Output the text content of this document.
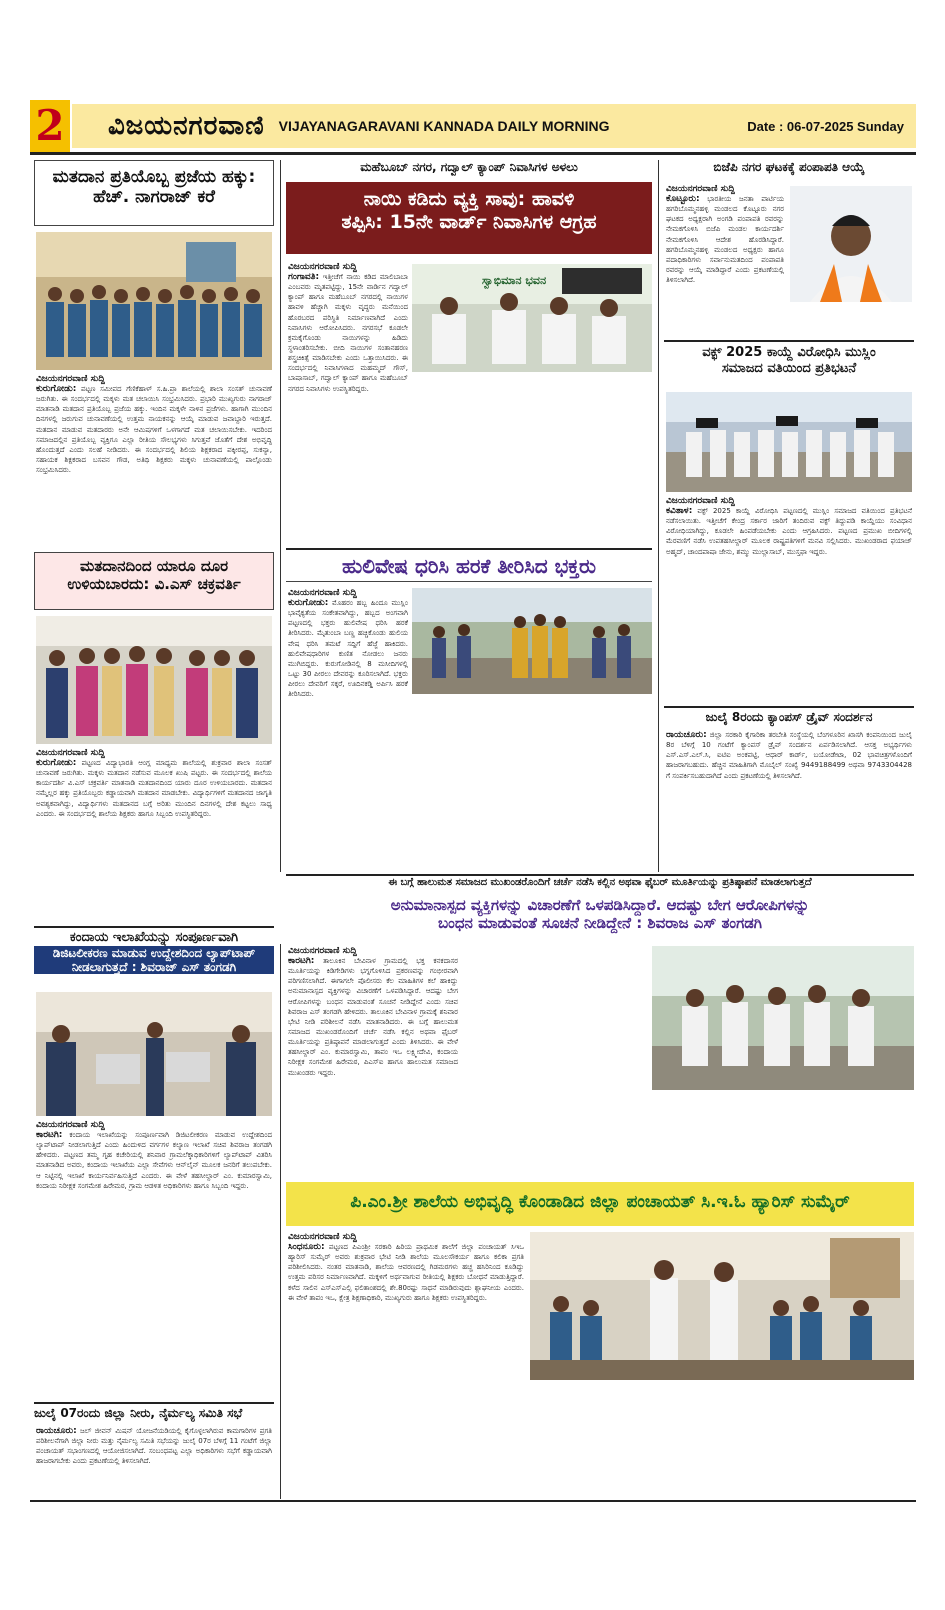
2 ವಿಜಯನಗರವಾಣಿ VIJAYANAGARAVANI KANNADA DAILY MORNING	Date : 06-07-2025 Sunday
ಮತದಾನ ಪ್ರತಿಯೊಬ್ಬ ಪ್ರಜೆಯ ಹಕ್ಕು: ಹೆಚ್. ನಾಗರಾಜ್ ಕರೆ
ವಿಜಯನಗರವಾಣಿ ಸುದ್ದಿ
ಕುರುಗೋಡು: ಪಟ್ಟಣ ಸಮೀಪದ ಗೆಣಿಕೆಹಾಳ್ ಸ.ಹಿ.ಪ್ರಾ ಶಾಲೆಯಲ್ಲಿ ಶಾಲಾ ಸಂಸತ್ ಚುನಾವಣೆ ಜರುಗಿತು. ಈ ಸಂದರ್ಭದಲ್ಲಿ ಮಕ್ಕಳು ಮತ ಚಲಾಯಿಸಿ ಸಂಭ್ರಮಿಸಿದರು. ಪ್ರಭಾರಿ ಮುಖ್ಯಗುರು ನಾಗರಾಜ್ ಮಾತನಾಡಿ ಮತದಾನ ಪ್ರತಿಯೊಬ್ಬ ಪ್ರಜೆಯ ಹಕ್ಕು. ಇಂದಿನ ಮಕ್ಕಳೇ ನಾಳಿನ ಪ್ರಜೆಗಳು. ಹಾಗಾಗಿ ಮುಂದಿನ ದಿನಗಳಲ್ಲಿ ಜರುಗುವ ಚುನಾವಣೆಯಲ್ಲಿ ಉತ್ತಮ ನಾಯಕನನ್ನು ಆಯ್ಕೆ ಮಾಡುವ ಜವಾಬ್ದಾರಿ ಇರುತ್ತದೆ. ಮತದಾನ ಮಾಡುವ ಮತದಾರರು ಅನೇ ಆಮಿಷಗಳಿಗೆ ಒಳಗಾಗದೆ ಮತ ಚಲಾಯಿಸಬೇಕು. ಇದರಿಂದ ಸಮಾಜದಲ್ಲಿನ ಪ್ರತಿಯೊಬ್ಬ ವ್ಯಕ್ತಿಗೂ ಎಲ್ಲಾ ರೀತಿಯ ಸೌಲಭ್ಯಗಳು ಸಿಗುತ್ತವೆ ಜೊತೆಗೆ ದೇಶ ಅಭಿವೃದ್ಧಿ ಹೊಂದುತ್ತದೆ ಎಂದು ಸಲಹೆ ನೀಡಿದರು. ಈ ಸಂದರ್ಭದಲ್ಲಿ ಶಿಲಿಯ ಶಿಕ್ಷಕರಾದ ಪಕ್ಕೀರಪ್ಪ, ಸುಕನ್ಯಾ, ಸಹಾಯಕ ಶಿಕ್ಷಕರಾದ ಬಸವನ ಗೌಡ, ಅತಿಥಿ ಶಿಕ್ಷಕರು ಮಕ್ಕಳು ಚುನಾವಣೆಯಲ್ಲಿ ಪಾಲ್ಗೊಂಡು ಸಂಭ್ರಮಿಸಿದರು.
ಮತದಾನದಿಂದ ಯಾರೂ ದೂರ
ಉಳಿಯಬಾರದು: ವಿ.ಎಸ್ ಚಕ್ರವರ್ತಿ
ವಿಜಯನಗರವಾಣಿ ಸುದ್ದಿ
ಕುರುಗೋಡು: ಪಟ್ಟಣದ ವಿದ್ಯಾಭಾರತಿ ಆಂಗ್ಲ ಮಾಧ್ಯಮ ಶಾಲೆಯಲ್ಲಿ ಶುಕ್ರವಾರ ಶಾಲಾ ಸಂಸತ್ ಚುನಾವಣೆ ಜರುಗಿತು. ಮಕ್ಕಳು ಮತದಾನ ನಡೆಸುವ ಮೂಲಕ ಖುಷಿ ಪಟ್ಟರು. ಈ ಸಂದರ್ಭದಲ್ಲಿ ಶಾಲೆಯ ಕಾರ್ಯದರ್ಶಿ ವಿ.ಎಸ್ ಚಕ್ರವರ್ತಿ ಮಾತನಾಡಿ ಮತದಾನದಿಂದ ಯಾರು ದೂರ ಉಳಿಯಬಾರದು. ಮತದಾನ ನಮ್ಮೆಲ್ಲರ ಹಕ್ಕು ಪ್ರತಿಯೊಬ್ಬರು ಕಡ್ಡಾಯವಾಗಿ ಮತದಾನ ಮಾಡಬೇಕು. ವಿದ್ಯಾರ್ಥಿಗಳಿಗೆ ಮತದಾನದ ಜಾಗೃತಿ ಅವಶ್ಯಕವಾಗಿದ್ದು, ವಿದ್ಯಾರ್ಥಿಗಳು ಮತದಾನದ ಬಗ್ಗೆ ಅರಿತು ಮುಂದಿನ ದಿನಗಳಲ್ಲಿ ದೇಶ ಕಟ್ಟಲು ಸಾಧ್ಯ ಎಂದರು. ಈ ಸಂದರ್ಭದಲ್ಲಿ ಶಾಲೆಯ ಶಿಕ್ಷಕರು ಹಾಗೂ ಸಿಬ್ಬಂದಿ ಉಪಸ್ಥಿತರಿದ್ದರು.
ಕಂದಾಯ ಇಲಾಖೆಯನ್ನು ಸಂಪೂರ್ಣವಾಗಿ
ಡಿಜಿಟಲೀಕರಣ ಮಾಡುವ ಉದ್ದೇಶದಿಂದ ಲ್ಯಾಪ್‌ಟಾಪ್
ನೀಡಲಾಗುತ್ತದೆ : ಶಿವರಾಜ್ ಎಸ್ ತಂಗಡಗಿ
ವಿಜಯನಗರವಾಣಿ ಸುದ್ದಿ
ಕಾರಟಗಿ: ಕಂದಾಯ ಇಲಾಖೆಯನ್ನು ಸಂಪೂರ್ಣವಾಗಿ ಡಿಜಿಟಲೀಕರಣ ಮಾಡುವ ಉದ್ದೇಶದಿಂದ ಲ್ಯಾಪ್‌ಟಾಪ್ ನೀಡಲಾಗುತ್ತಿದೆ ಎಂದು ಹಿಂದುಳಿದ ವರ್ಗಗಳ ಕಲ್ಯಾಣ ಇಲಾಖೆ ಸಚಿವ ಶಿವರಾಜ ತಂಗಡಗಿ ಹೇಳಿದರು. ಪಟ್ಟಣದ ತಮ್ಮ ಗೃಹ ಕಚೇರಿಯಲ್ಲಿ ಶನಿವಾರ ಗ್ರಾಮಲೆಕ್ಕಾಧಿಕಾರಿಗಳಿಗೆ ಲ್ಯಾಪ್‌ಟಾಪ್ ವಿತರಿಸಿ ಮಾತನಾಡಿದ ಅವರು, ಕಂದಾಯ ಇಲಾಖೆಯ ಎಲ್ಲಾ ಸೇವೆಗಳು ಆನ್‌ಲೈನ್ ಮೂಲಕ ಜನರಿಗೆ ತಲುಪಬೇಕು. ಆ ನಿಟ್ಟಿನಲ್ಲಿ ಇಲಾಖೆ ಕಾರ್ಯನಿರ್ವಹಿಸುತ್ತಿದೆ ಎಂದರು. ಈ ವೇಳೆ ತಹಸೀಲ್ದಾರ್ ಎಂ. ಕುಮಾರಸ್ವಾಮಿ, ಕಂದಾಯ ನಿರೀಕ್ಷಕ ಸಂಗಮೇಶ ಹಿರೇಮಠ, ಗ್ರಾಮ ಆಡಳಿತ ಅಧಿಕಾರಿಗಳು ಹಾಗೂ ಸಿಬ್ಬಂದಿ ಇದ್ದರು.
ಜುಲೈ 07ರಂದು ಜಿಲ್ಲಾ ನೀರು, ನೈರ್ಮಲ್ಯ ಸಮಿತಿ ಸಭೆ
ರಾಯಚೂರು: ಜಲ್ ಜೀವನ್ ಮಿಷನ್ ಯೋಜನೆಯಡಿಯಲ್ಲಿ ಕೈಗೊಳ್ಳಲಾಗಿರುವ ಕಾಮಗಾರಿಗಳ ಪ್ರಗತಿ ಪರಿಶೀಲನೆಗಾಗಿ ಜಿಲ್ಲಾ ನೀರು ಮತ್ತು ನೈರ್ಮಲ್ಯ ಸಮಿತಿ ಸಭೆಯನ್ನು ಜುಲೈ 07ರ ಬೆಳಿಗ್ಗೆ 11 ಗಂಟೆಗೆ ಜಿಲ್ಲಾ ಪಂಚಾಯತ್ ಸಭಾಂಗಣದಲ್ಲಿ ಆಯೋಜಿಸಲಾಗಿದೆ. ಸಂಬಂಧಪಟ್ಟ ಎಲ್ಲಾ ಅಧಿಕಾರಿಗಳು ಸಭೆಗೆ ಕಡ್ಡಾಯವಾಗಿ ಹಾಜರಾಗಬೇಕು ಎಂದು ಪ್ರಕಟಣೆಯಲ್ಲಿ ತಿಳಿಸಲಾಗಿದೆ.
ಮಹೆಬೂಬ್ ನಗರ, ಗದ್ವಾಲ್ ಕ್ಯಾಂಪ್ ನಿವಾಸಿಗಳ ಅಳಲು
ನಾಯಿ ಕಡಿದು ವ್ಯಕ್ತಿ ಸಾವು: ಹಾವಳಿ
ತಪ್ಪಿಸಿ: 15ನೇ ವಾರ್ಡ್ ನಿವಾಸಿಗಳ ಆಗ್ರಹ
ವಿಜಯನಗರವಾಣಿ ಸುದ್ದಿ
ಗಂಗಾವತಿ: ಇತ್ತೀಚೆಗೆ ನಾಯಿ ಕಡಿದ ಮಾಲಿಬಾಬಾ ಎಂಬವರು ಮೃತಪಟ್ಟಿದ್ದು, 15ನೇ ವಾರ್ಡಿನ ಗದ್ವಾಲ್ ಕ್ಯಾಂಪ್ ಹಾಗೂ ಮಹೆಬೂಬ್ ನಗರದಲ್ಲಿ ನಾಯಿಗಳ ಹಾವಳಿ ಹೆಚ್ಚಾಗಿ ಮಕ್ಕಳು ವೃದ್ಧರು ಮನೆಯಿಂದ ಹೊರಬರದ ಪರಿಸ್ಥಿತಿ ನಿರ್ಮಾಣವಾಗಿದೆ ಎಂದು ನಿವಾಸಿಗಳು ಆರೋಪಿಸಿದರು. ನಗರಸಭೆ ಕೂಡಲೇ ಕ್ರಮಕೈಗೊಂಡು ನಾಯಿಗಳನ್ನು ಹಿಡಿದು ಸ್ಥಳಾಂತರಿಸಬೇಕು. ಬೀದಿ ನಾಯಿಗಳ ಸಂತಾನಹರಣ ಶಸ್ತ್ರಚಿಕಿತ್ಸೆ ಮಾಡಿಸಬೇಕು ಎಂದು ಒತ್ತಾಯಿಸಿದರು. ಈ ಸಂದರ್ಭದಲ್ಲಿ ನಿವಾಸಿಗಳಾದ ಮಹಮ್ಮದ್ ಗೌಸ್, ಬಾಷಾಸಾಬ್, ಗದ್ವಾಲ್ ಕ್ಯಾಂಪ್ ಹಾಗೂ ಮಹೆಬೂಬ್ ನಗರದ ನಿವಾಸಿಗಳು ಉಪಸ್ಥಿತರಿದ್ದರು.
ಸ್ವಾಭಿಮಾನ ಭವನ
ಹುಲಿವೇಷ ಧರಿಸಿ ಹರಕೆ ತೀರಿಸಿದ ಭಕ್ತರು
ವಿಜಯನಗರವಾಣಿ ಸುದ್ದಿ
ಕುರುಗೋಡು: ಮೊಹರಂ ಹಬ್ಬ ಹಿಂದೂ ಮುಸ್ಲಿಂ ಭಾವೈಕ್ಯತೆಯ ಸಂಕೇತವಾಗಿದ್ದು, ಹಬ್ಬದ ಅಂಗವಾಗಿ ಪಟ್ಟಣದಲ್ಲಿ ಭಕ್ತರು ಹುಲಿವೇಷ ಧರಿಸಿ ಹರಕೆ ತೀರಿಸಿದರು. ಮೈತುಂಬಾ ಬಣ್ಣ ಹಚ್ಚಿಕೊಂಡು ಹುಲಿಯ ವೇಷ ಧರಿಸಿ ತಮಟೆ ಸದ್ದಿಗೆ ಹೆಜ್ಜೆ ಹಾಕಿದರು. ಹುಲಿವೇಷಧಾರಿಗಳ ಕುಣಿತ ನೋಡಲು ಜನರು ಮುಗಿಬಿದ್ದರು. ಕುರುಗೋಡಿನಲ್ಲಿ 8 ಮಸೀದಿಗಳಲ್ಲಿ ಒಟ್ಟು 30 ಪೀರಲು ದೇವರನ್ನು ಕೂರಿಸಲಾಗಿದೆ. ಭಕ್ತರು ಪೀರಲು ದೇವರಿಗೆ ಸಕ್ಕರೆ, ಊದಿನಕಡ್ಡಿ ಅರ್ಪಿಸಿ ಹರಕೆ ತೀರಿಸಿದರು.
ಬಿಜೆಪಿ ನಗರ ಘಟಕಕ್ಕೆ ಪಂಪಾಪತಿ ಆಯ್ಕೆ
ವಿಜಯನಗರವಾಣಿ ಸುದ್ದಿ
ಕೊಟ್ಟೂರು: ಭಾರತೀಯ ಜನತಾ ಪಾರ್ಟಿಯ ಹಗರಿಬೊಮ್ಮನಹಳ್ಳಿ ಮಂಡಲದ ಕೊಟ್ಟೂರು ನಗರ ಘಟಕದ ಅಧ್ಯಕ್ಷರಾಗಿ ಅಂಗಡಿ ಪಂಪಾಪತಿ ರವರನ್ನು ನೇಮಕಗೊಳಿಸಿ ಬಿಜೆಪಿ ಮಂಡಲ ಕಾರ್ಯದರ್ಶಿ ನೇಮಕಗೊಳಿಸಿ ಆದೇಶ ಹೊರಡಿಸಿದ್ದಾರೆ. ಹಗರಿಬೊಮ್ಮನಹಳ್ಳಿ ಮಂಡಲದ ಅಧ್ಯಕ್ಷರು ಹಾಗೂ ಪದಾಧಿಕಾರಿಗಳು ಸರ್ವಾನುಮತದಿಂದ ಪಂಪಾಪತಿ ರವರನ್ನು ಆಯ್ಕೆ ಮಾಡಿದ್ದಾರೆ ಎಂದು ಪ್ರಕಟಣೆಯಲ್ಲಿ ತಿಳಿಸಲಾಗಿದೆ.
ವಕ್ಫ್ 2025 ಕಾಯ್ದೆ ವಿರೋಧಿಸಿ ಮುಸ್ಲಿಂ
ಸಮಾಜದ ವತಿಯಿಂದ ಪ್ರತಿಭಟನೆ
ವಿಜಯನಗರವಾಣಿ ಸುದ್ದಿ
ಕವಿತಾಳ: ವಕ್ಫ್ 2025 ಕಾಯ್ದೆ ವಿರೋಧಿಸಿ ಪಟ್ಟಣದಲ್ಲಿ ಮುಸ್ಲಿಂ ಸಮಾಜದ ವತಿಯಿಂದ ಪ್ರತಿಭಟನೆ ನಡೆಸಲಾಯಿತು. ಇತ್ತೀಚೆಗೆ ಕೇಂದ್ರ ಸರ್ಕಾರ ಜಾರಿಗೆ ತಂದಿರುವ ವಕ್ಫ್ ತಿದ್ದುಪಡಿ ಕಾಯ್ದೆಯು ಸಂವಿಧಾನ ವಿರೋಧಿಯಾಗಿದ್ದು, ಕೂಡಲೇ ಹಿಂಪಡೆಯಬೇಕು ಎಂದು ಆಗ್ರಹಿಸಿದರು. ಪಟ್ಟಣದ ಪ್ರಮುಖ ಬೀದಿಗಳಲ್ಲಿ ಮೆರವಣಿಗೆ ನಡೆಸಿ ಉಪತಹಸೀಲ್ದಾರ್ ಮೂಲಕ ರಾಷ್ಟ್ರಪತಿಗಳಿಗೆ ಮನವಿ ಸಲ್ಲಿಸಿದರು. ಮುಖಂಡರಾದ ಫಯಾಜ್ ಅಹ್ಮದ್, ಚಾಂದಪಾಷಾ ಜೇನು, ಶಮ್ಮು ಮುಲ್ಲಾಸಾಬ್, ಮುಸ್ತಫಾ ಇದ್ದರು.
ಜುಲೈ 8ರಂದು ಕ್ಯಾಂಪಸ್ ಡ್ರೈವ್ ಸಂದರ್ಶನ
ರಾಯಚೂರು: ಜಿಲ್ಲಾ ಸರಕಾರಿ ಕೈಗಾರಿಕಾ ತರಬೇತಿ ಸಂಸ್ಥೆಯಲ್ಲಿ ಬೆಂಗಳೂರಿನ ಖಾಸಗಿ ಕಂಪನಿಯಿಂದ ಜುಲೈ 8ರ ಬೆಳಿಗ್ಗೆ 10 ಗಂಟೆಗೆ ಕ್ಯಾಂಪಸ್ ಡ್ರೈವ್ ಸಂದರ್ಶನ ಏರ್ಪಡಿಸಲಾಗಿದೆ. ಆಸಕ್ತ ಅಭ್ಯರ್ಥಿಗಳು ಎಸ್.ಎಸ್.ಎಲ್.ಸಿ, ಐಟಿಐ ಅಂಕಪಟ್ಟಿ, ಆಧಾರ್ ಕಾರ್ಡ್, ಬಯೋಡೇಟಾ, 02 ಭಾವಚಿತ್ರಗಳೊಂದಿಗೆ ಹಾಜರಾಗಬಹುದು. ಹೆಚ್ಚಿನ ಮಾಹಿತಿಗಾಗಿ ಮೊಬೈಲ್ ಸಂಖ್ಯೆ 9449188499 ಅಥವಾ 9743304428 ಗೆ ಸಂಪರ್ಕಿಸಬಹುದಾಗಿದೆ ಎಂದು ಪ್ರಕಟಣೆಯಲ್ಲಿ ತಿಳಿಸಲಾಗಿದೆ.
ಈ ಬಗ್ಗೆ ಹಾಲುಮತ ಸಮಾಜದ ಮುಖಂಡರೊಂದಿಗೆ ಚರ್ಚೆ ನಡೆಸಿ ಕಲ್ಲಿನ ಅಥವಾ ಫೈಬರ್ ಮೂರ್ತಿಯನ್ನು ಪ್ರತಿಷ್ಠಾಪನೆ ಮಾಡಲಾಗುತ್ತದೆ
ಅನುಮಾನಾಸ್ಪದ ವ್ಯಕ್ತಿಗಳನ್ನು ವಿಚಾರಣೆಗೆ ಒಳಪಡಿಸಿದ್ದಾರೆ. ಆದಷ್ಟು ಬೇಗ ಆರೋಪಿಗಳನ್ನು
ಬಂಧನ ಮಾಡುವಂತೆ ಸೂಚನೆ ನೀಡಿದ್ದೇನೆ : ಶಿವರಾಜ ಎಸ್ ತಂಗಡಗಿ
ವಿಜಯನಗರವಾಣಿ ಸುದ್ದಿ
ಕಾರಟಗಿ: ತಾಲೂಕಿನ ಬೇವಿನಾಳ ಗ್ರಾಮದಲ್ಲಿ ಭಕ್ತ ಕನಕದಾಸರ ಮೂರ್ತಿಯನ್ನು ಕಿಡಿಗೇಡಿಗಳು ಭಗ್ನಗೊಳಿಸಿದ ಪ್ರಕರಣವನ್ನು ಗಂಭೀರವಾಗಿ ಪರಿಗಣಿಸಲಾಗಿದೆ. ಈಗಾಗಲೇ ಪೊಲೀಸರು ಕೆಲ ಮಾಹಿತಿಗಳ ಕಲೆ ಹಾಕಿದ್ದು ಅನುಮಾನಾಸ್ಪದ ವ್ಯಕ್ತಿಗಳನ್ನು ವಿಚಾರಣೆಗೆ ಒಳಪಡಿಸಿದ್ದಾರೆ. ಆದಷ್ಟು ಬೇಗ ಆರೋಪಿಗಳನ್ನು ಬಂಧನ ಮಾಡುವಂತೆ ಸೂಚನೆ ನೀಡಿದ್ದೇನೆ ಎಂದು ಸಚಿವ ಶಿವರಾಜ ಎಸ್ ತಂಗಡಗಿ ಹೇಳಿದರು. ತಾಲೂಕಿನ ಬೇವಿನಾಳ ಗ್ರಾಮಕ್ಕೆ ಶನಿವಾರ ಭೇಟಿ ನೀಡಿ ಪರಿಶೀಲನೆ ನಡೆಸಿ ಮಾತನಾಡಿದರು. ಈ ಬಗ್ಗೆ ಹಾಲುಮತ ಸಮಾಜದ ಮುಖಂಡರೊಂದಿಗೆ ಚರ್ಚೆ ನಡೆಸಿ ಕಲ್ಲಿನ ಅಥವಾ ಫೈಬರ್ ಮೂರ್ತಿಯನ್ನು ಪ್ರತಿಷ್ಠಾಪನೆ ಮಾಡಲಾಗುತ್ತದೆ ಎಂದು ತಿಳಿಸಿದರು. ಈ ವೇಳೆ ತಹಸೀಲ್ದಾರ್ ಎಂ. ಕುಮಾರಸ್ವಾಮಿ, ತಾಪಂ ಇಒ ಲಕ್ಷ್ಮೀದೇವಿ, ಕಂದಾಯ ನಿರೀಕ್ಷಕ ಸಂಗಮೇಶ ಹಿರೇಮಠ, ಪಿಎಸ್ಐ ಹಾಗೂ ಹಾಲುಮತ ಸಮಾಜದ ಮುಖಂಡರು ಇದ್ದರು.
ಪಿ.ಎಂ.ಶ್ರೀ ಶಾಲೆಯ ಅಭಿವೃದ್ಧಿ ಕೊಂಡಾಡಿದ ಜಿಲ್ಲಾ ಪಂಚಾಯತ್ ಸಿ.ಇ.ಓ ಹ್ಯಾರಿಸ್ ಸುಮೈರ್
ವಿಜಯನಗರವಾಣಿ ಸುದ್ದಿ
ಸಿಂಧನೂರು: ಪಟ್ಟಣದ ಪಿಎಂಶ್ರೀ ಸರಕಾರಿ ಹಿರಿಯ ಪ್ರಾಥಮಿಕ ಶಾಲೆಗೆ ಜಿಲ್ಲಾ ಪಂಚಾಯತ್ ಸಿಇಒ ಹ್ಯಾರಿಸ್ ಸುಮೈರ್ ಅವರು ಶುಕ್ರವಾರ ಭೇಟಿ ನೀಡಿ ಶಾಲೆಯ ಮೂಲಸೌಕರ್ಯ ಹಾಗೂ ಕಲಿಕಾ ಪ್ರಗತಿ ಪರಿಶೀಲಿಸಿದರು. ನಂತರ ಮಾತನಾಡಿ, ಶಾಲೆಯ ಆವರಣದಲ್ಲಿ ಗಿಡಮರಗಳು ಹಚ್ಚ ಹಸಿರಿನಿಂದ ಕೂಡಿದ್ದು ಉತ್ತಮ ಪರಿಸರ ನಿರ್ಮಾಣವಾಗಿದೆ. ಮಕ್ಕಳಿಗೆ ಅರ್ಥವಾಗುವ ರೀತಿಯಲ್ಲಿ ಶಿಕ್ಷಕರು ಬೋಧನೆ ಮಾಡುತ್ತಿದ್ದಾರೆ. ಕಳೆದ ಸಾಲಿನ ಎಸ್ಎಸ್ಎಲ್ಸಿ ಫಲಿತಾಂಶದಲ್ಲಿ ಶೇ.80ರಷ್ಟು ಸಾಧನೆ ಮಾಡಿರುವುದು ಶ್ಲಾಘನೀಯ ಎಂದರು. ಈ ವೇಳೆ ತಾಪಂ ಇಒ, ಕ್ಷೇತ್ರ ಶಿಕ್ಷಣಾಧಿಕಾರಿ, ಮುಖ್ಯಗುರು ಹಾಗೂ ಶಿಕ್ಷಕರು ಉಪಸ್ಥಿತರಿದ್ದರು.
